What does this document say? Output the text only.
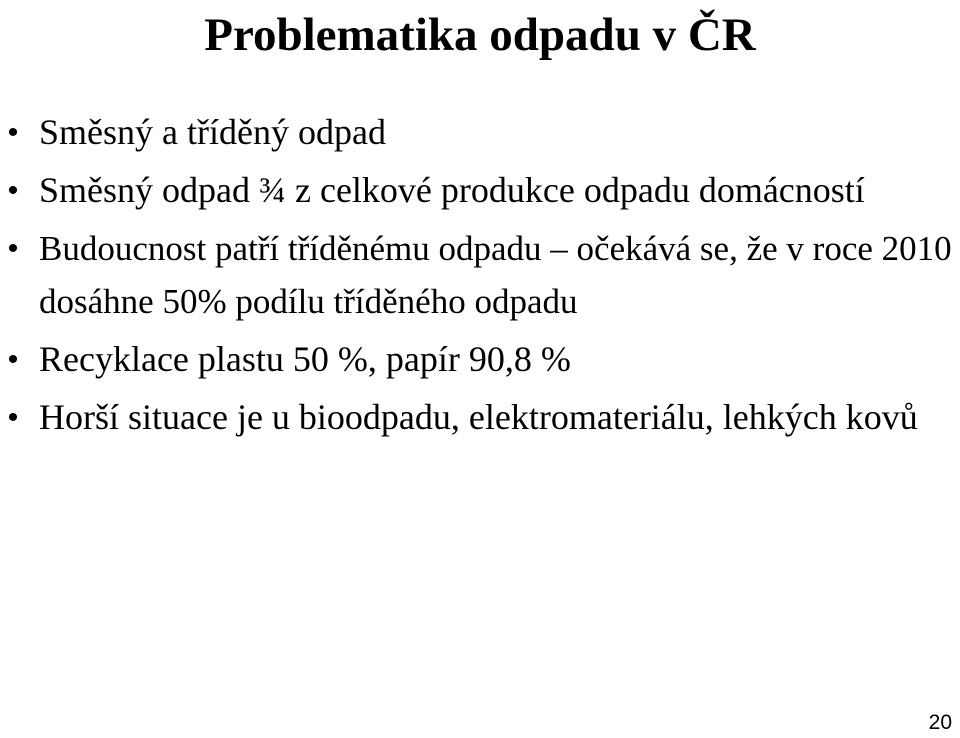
Problematika odpadu v ČR
• Směsný a tříděný odpad
• Směsný odpad ¾ z celkové produkce odpadu domácností
• Budoucnost patří tříděnému odpadu – očekává se, že v roce 2010 dosáhne 50% podílu tříděného odpadu
• Recyklace plastu 50 %, papír 90,8 %
• Horší situace je u bioodpadu, elektromateriálu, lehkých kovů
20
